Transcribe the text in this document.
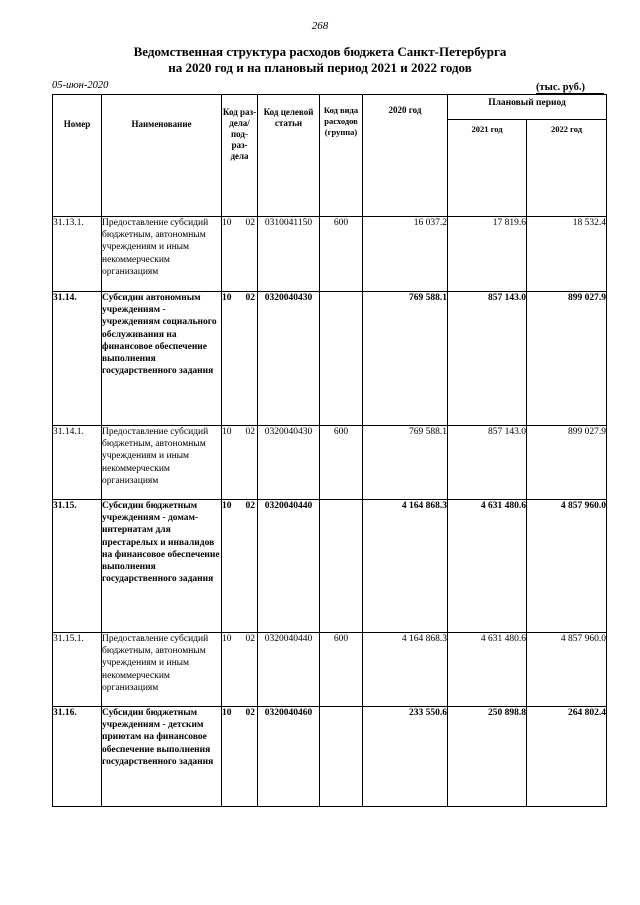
268
Ведомственная структура расходов бюджета Санкт-Петербурга
на 2020 год и на плановый период 2021 и 2022 годов
05-июн-2020	(тыс. руб.)
Номер	Наименование	Код раз- дела/ под- раз- дела	Код целевой статьи	Код вида расходов (группа)	2020 год	Плановый период	

						2021 год	2022 год

31.13.1.	Предоставление субсидий бюджетным, автономным учреждениям и иным некоммерческим организациям	10 02	0310041150	600	16 037.2	17 819.6	18 532.4
31.14.	Субсидии автономным учреждениям - учреждениям социального обслуживания на финансовое обеспечение выполнения государственного задания	10 02	0320040430		769 588.1	857 143.0	899 027.9
31.14.1.	Предоставление субсидий бюджетным, автономным учреждениям и иным некоммерческим организациям	10 02	0320040430	600	769 588.1	857 143.0	899 027.9
31.15.	Субсидии бюджетным учреждениям - домам-интернатам для престарелых и инвалидов на финансовое обеспечение выполнения государственного задания	10 02	0320040440		4 164 868.3	4 631 480.6	4 857 960.0
31.15.1.	Предоставление субсидий бюджетным, автономным учреждениям и иным некоммерческим организациям	10 02	0320040440	600	4 164 868.3	4 631 480.6	4 857 960.0
31.16.	Субсидии бюджетным учреждениям - детским приютам на финансовое обеспечение выполнения государственного задания	10 02	0320040460		233 550.6	250 898.8	264 802.4
